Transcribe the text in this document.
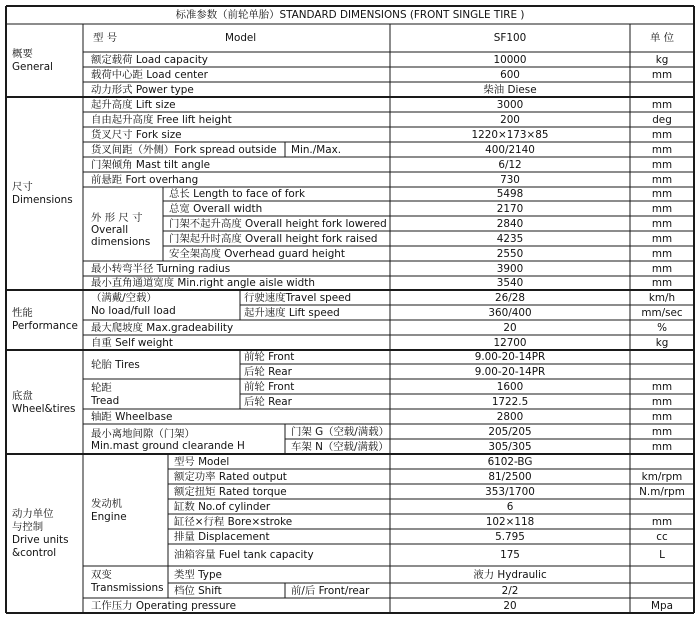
标准参数（前轮单胎）STANDARD DIMENSIONS (FRONT SINGLE TIRE )
型 号	Model	SF100	单 位
概要
General
额定载荷 Load capacity	10000	kg
载荷中心距 Load center	600	mm
动力形式 Power type	柴油 Diese
尺寸
Dimensions
起升高度 Lift size	3000	mm
自由起升高度 Free lift height	200	deg
货叉尺寸 Fork size	1220×173×85	mm
货叉间距（外侧）Fork spread outside Min./Max.	400/2140	mm
门架倾角 Mast tilt angle	6/12	mm
前悬距 Fort overhang	730	mm
外 形 尺 寸
Overall
dimensions
总长 Length to face of fork	5498	mm
总宽 Overall width	2170	mm
门架不起升高度 Overall height fork lowered	2840	mm
门架起升时高度 Overall height fork raised	4235	mm
安全架高度 Overhead guard height	2550	mm
最小转弯半径 Turning radius	3900	mm
最小直角通道宽度 Min.right angle aisle width	3540	mm
性能
Performance
（满戴/空载）
No load/full load
行驶速度Travel speed	26/28	km/h
起升速度 Lift speed	360/400	mm/sec
最大爬坡度 Max.gradeability	20	%
自重 Self weight	12700	kg
底盘
Wheel&tires
轮胎 Tires
前轮 Front	9.00-20-14PR
后轮 Rear	9.00-20-14PR
轮距
Tread
前轮 Front	1600	mm
后轮 Rear	1722.5	mm
轴距 Wheelbase	2800	mm
最小离地间隙（门架）
Min.mast ground clearande H
门架 G（空载/满载）	205/205	mm
车架 N（空载/满载）	305/305	mm
动力单位
与控制
Drive units
&control
发动机
Engine
型号 Model	6102-BG
额定功率 Rated output	81/2500	km/rpm
额定扭矩 Rated torque	353/1700	N.m/rpm
缸数 No.of cylinder	6
缸径×行程 Bore×stroke	102×118	mm
排量 Displacement	5.795	cc
油箱容量 Fuel tank capacity	175	L
双变
Transmissions
类型 Type	液力 Hydraulic
档位 Shift	前/后 Front/rear	2/2
工作压力 Operating pressure	20	Mpa
